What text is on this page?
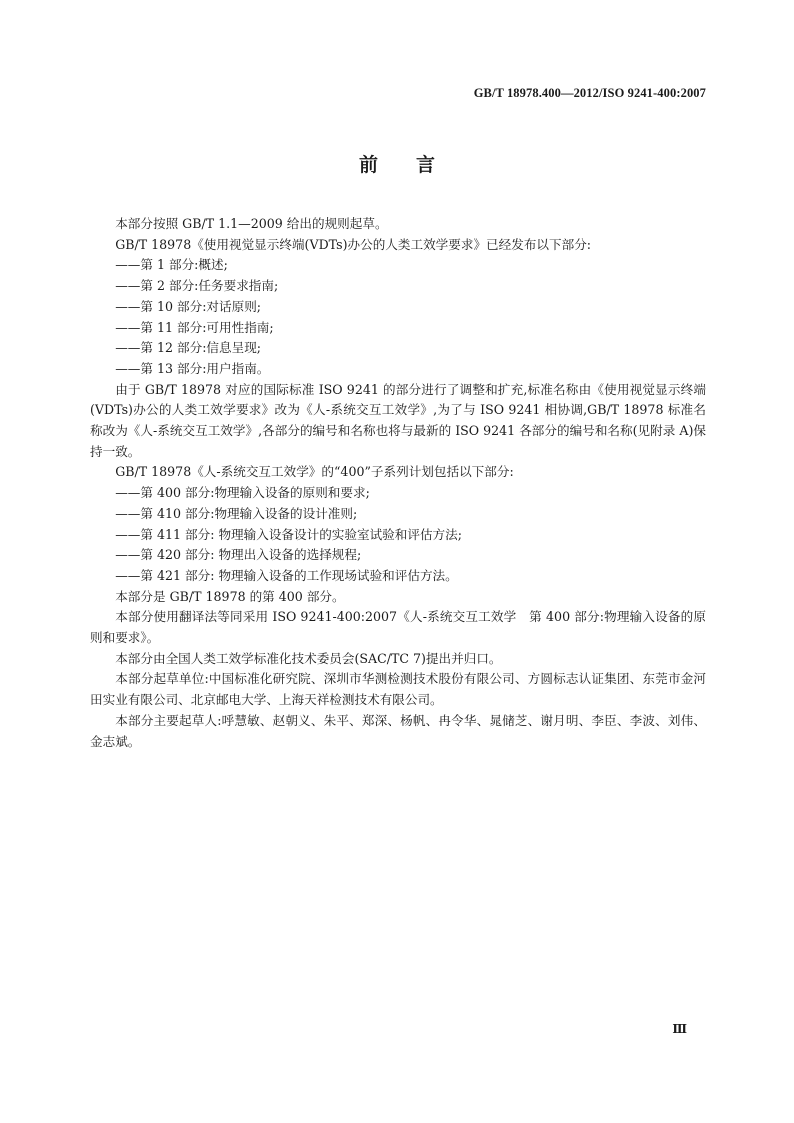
GB/T 18978.400—2012/ISO 9241-400:2007
前言

本部分按照 GB/T 1.1—2009 给出的规则起草。

GB/T 18978《使用视觉显示终端(VDTs)办公的人类工效学要求》已经发布以下部分:

——第 1 部分:概述;

——第 2 部分:任务要求指南;

——第 10 部分:对话原则;

——第 11 部分:可用性指南;

——第 12 部分:信息呈现;

——第 13 部分:用户指南。

由于 GB/T 18978 对应的国际标准 ISO 9241 的部分进行了调整和扩充,标准名称由《使用视觉显示终端(VDTs)办公的人类工效学要求》改为《人-系统交互工效学》,为了与 ISO 9241 相协调,GB/T 18978 标准名称改为《人-系统交互工效学》,各部分的编号和名称也将与最新的 ISO 9241 各部分的编号和名称(见附录 A)保持一致。

GB/T 18978《人-系统交互工效学》的“400”子系列计划包括以下部分:

——第 400 部分:物理输入设备的原则和要求;

——第 410 部分:物理输入设备的设计准则;

——第 411 部分: 物理输入设备设计的实验室试验和评估方法;

——第 420 部分: 物理出入设备的选择规程;

——第 421 部分: 物理输入设备的工作现场试验和评估方法。

本部分是 GB/T 18978 的第 400 部分。

本部分使用翻译法等同采用 ISO 9241-400:2007《人-系统交互工效学　第 400 部分:物理输入设备的原则和要求》。

本部分由全国人类工效学标准化技术委员会(SAC/TC 7)提出并归口。

本部分起草单位:中国标准化研究院、深圳市华测检测技术股份有限公司、方圆标志认证集团、东莞市金河田实业有限公司、北京邮电大学、上海天祥检测技术有限公司。

本部分主要起草人:呼慧敏、赵朝义、朱平、郑深、杨帆、冉令华、晁储芝、谢月明、李臣、李波、刘伟、金志斌。

Ⅲ
